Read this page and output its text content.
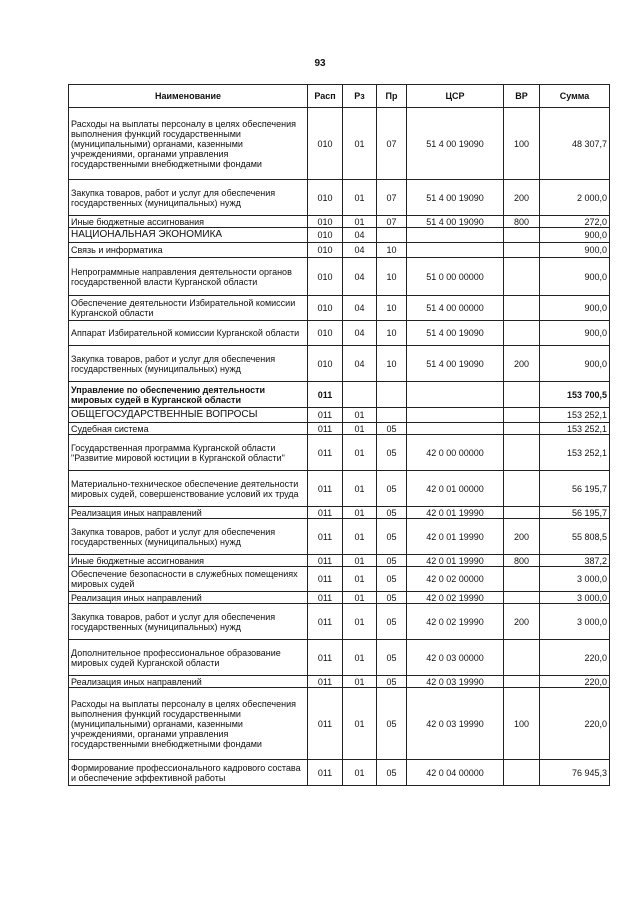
93
Наименование	Расп	Рз	Пр	ЦСР	ВР	Сумма
Расходы на выплаты персоналу в целях обеспечения выполнения функций государственными (муниципальными) органами, казенными учреждениями, органами управления государственными внебюджетными фондами	010	01	07	51 4 00 19090	100	48 307,7
Закупка товаров, работ и услуг для обеспечения государственных (муниципальных) нужд	010	01	07	51 4 00 19090	200	2 000,0
Иные бюджетные ассигнования	010	01	07	51 4 00 19090	800	272,0
НАЦИОНАЛЬНАЯ ЭКОНОМИКА	010	04				900,0
Связь и информатика	010	04	10			900,0
Непрограммные направления деятельности органов государственной власти Курганской области	010	04	10	51 0 00 00000		900,0
Обеспечение деятельности Избирательной комиссии Курганской области	010	04	10	51 4 00 00000		900,0
Аппарат Избирательной комиссии Курганской области	010	04	10	51 4 00 19090		900,0
Закупка товаров, работ и услуг для обеспечения государственных (муниципальных) нужд	010	04	10	51 4 00 19090	200	900,0
Управление по обеспечению деятельности мировых судей в Курганской области	011					153 700,5
ОБЩЕГОСУДАРСТВЕННЫЕ ВОПРОСЫ	011	01				153 252,1
Судебная система	011	01	05			153 252,1
Государственная программа Курганской области "Развитие мировой юстиции в Курганской области"	011	01	05	42 0 00 00000		153 252,1
Материально-техническое обеспечение деятельности мировых судей, совершенствование условий их труда	011	01	05	42 0 01 00000		56 195,7
Реализация иных направлений	011	01	05	42 0 01 19990		56 195,7
Закупка товаров, работ и услуг для обеспечения государственных (муниципальных) нужд	011	01	05	42 0 01 19990	200	55 808,5
Иные бюджетные ассигнования	011	01	05	42 0 01 19990	800	387,2
Обеспечение безопасности в служебных помещениях мировых судей	011	01	05	42 0 02 00000		3 000,0
Реализация иных направлений	011	01	05	42 0 02 19990		3 000,0
Закупка товаров, работ и услуг для обеспечения государственных (муниципальных) нужд	011	01	05	42 0 02 19990	200	3 000,0
Дополнительное профессиональное образование мировых судей Курганской области	011	01	05	42 0 03 00000		220,0
Реализация иных направлений	011	01	05	42 0 03 19990		220,0
Расходы на выплаты персоналу в целях обеспечения выполнения функций государственными (муниципальными) органами, казенными учреждениями, органами управления государственными внебюджетными фондами	011	01	05	42 0 03 19990	100	220,0
Формирование профессионального кадрового состава и обеспечение эффективной работы	011	01	05	42 0 04 00000		76 945,3
